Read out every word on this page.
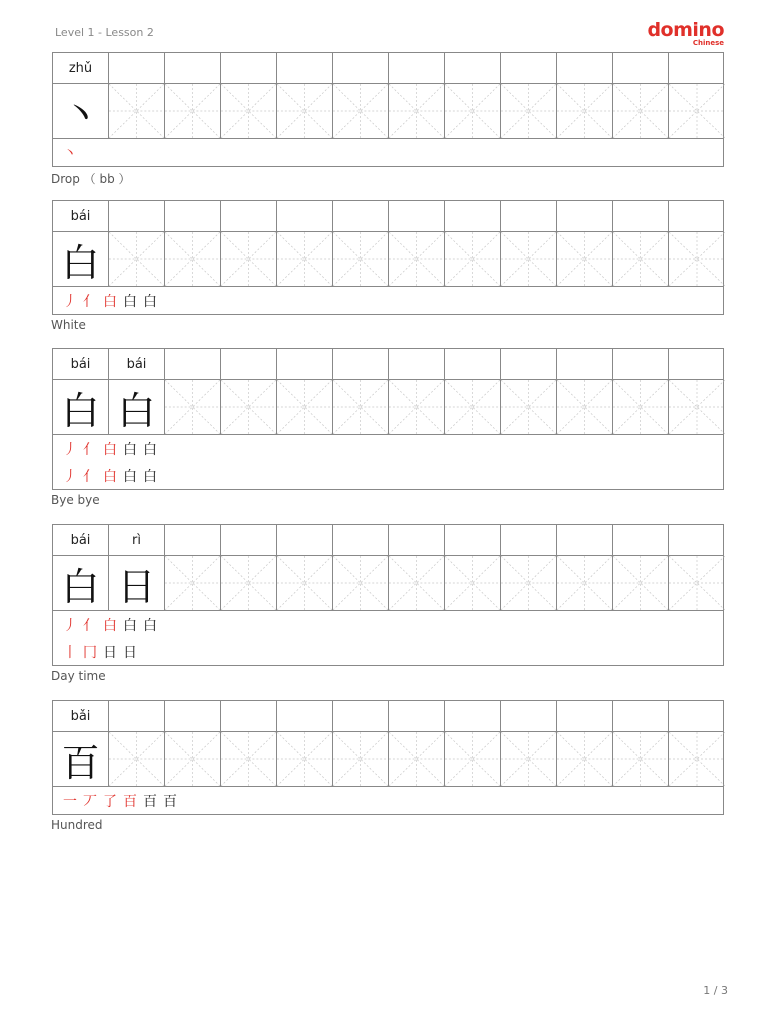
Level 1 - Lesson 2	domino
Chinese
zhǔ
丶
丶
Drop （ bb ）
bái
白
丿 亻 白 白 白
White
bái	bái
白 白
丿 亻 白 白 白
丿 亻 白 白 白
Bye bye
bái	rì
白 日
丿 亻 白 白 白
丨 冂 日 日
Day time
bǎi
百
一 丆 了 百 百 百
Hundred
1 / 3
